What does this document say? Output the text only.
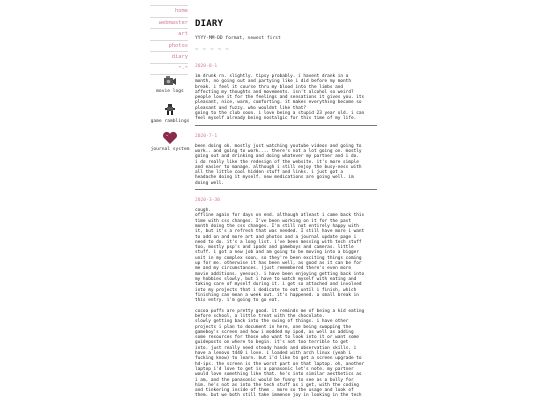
home
webmaster
art
photos
diary
^-^
movie logs
game ramblings
journal system
DIARY
YYYY-MM-DD format, newest first
~ ~ ~ ~ ~
2020-8-1
im drunk rn. slightly. tipsy probably. i havent drank in a
month, no going out and partying like i did before my month
break. i feel it course thru my blood into the limbs and
affecting my thoughts and movements. isn't alcohol so weird?
people love it for the feelings and sensations it gives you. its
pleasant, nice, warm, comforting. it makes everything become so
pleasant and fuzzy. who wouldnt like that?
going to the club soon. i love being a stupid 23 year old. i can
feel myself already being nostalgic for this time of my life.
2020-7-1
been doing ok. mostly just watching youtube videos and going to
work.. and going to work.... there's not a lot going on. mostly
going out and drinking and doing whatever my partner and i do.
i do really like the redesign of the website. it's more simple
and easier to manage. although i still enjoy the busy-ness with
all the little cool hidden stuff and links. i just got a
headache doing it myself. new medications are going well. im
doing well.
2020-3-30
cough.
offline again for days on end. although atleast i came back this
time with css changes. I've been working on it for the past
month doing the css changes. I'm still not entirely happy with
it, but it's a refresh that was needed. I still have more i want
to add on and more art and photos and a journal update page i
need to do. it's a long list. i've been messing with tech stuff
too, mostly psp's and ipods and gameboys and cameras. little
stuff. i got a new job and am going to be moving into a bigger
unit in my complex soon, so they're been exciting things coming
up for me. otherwise it has been well, as good as it can be for
me and my circumstances. (just remembered there's even more
movie additions. yeesus). i have been enjoying getting back into
my hobbies slowly, but i have to watch myself with eating and
taking care of myself during it. i get so attached and involved
into my projects that i dedicate to eat until i finish, which
finishing can mean a week out. it's happened. a small break in
this entry. i'm going to go eat.

cocoa puffs are pretty good. it reminds me of being a kid eating
before school, a little treat with the chocolate.
slowly getting back into the swing of things. i have other
projects i plan to document in here, one being swapping the
gameboy's screen and how i modded my ipod, as well as adding
some resources for those who want to look into it or want some
guideposts on where to begin. it's not too terrible to get
into. just really need steady hands and observation skills. i
have a lenovo t440 i love. i loaded with arch linux (yeah i
fucking know) to learn. but i'd like to get a screen upgrade to
hd-ips. the screen is the worst part on that laptop. oh, another
laptop i'd love to get is a panasonic let's note. my partner
would love something like that. he's into similar aesthetics as
i am, and the panasonic would be funny to see as a bully for
him. he's not as into the tech stuff as i get, with the coding
and tinkering inside of them . more so the usage and look of
them. but we both still take immense joy in looking in the tech
